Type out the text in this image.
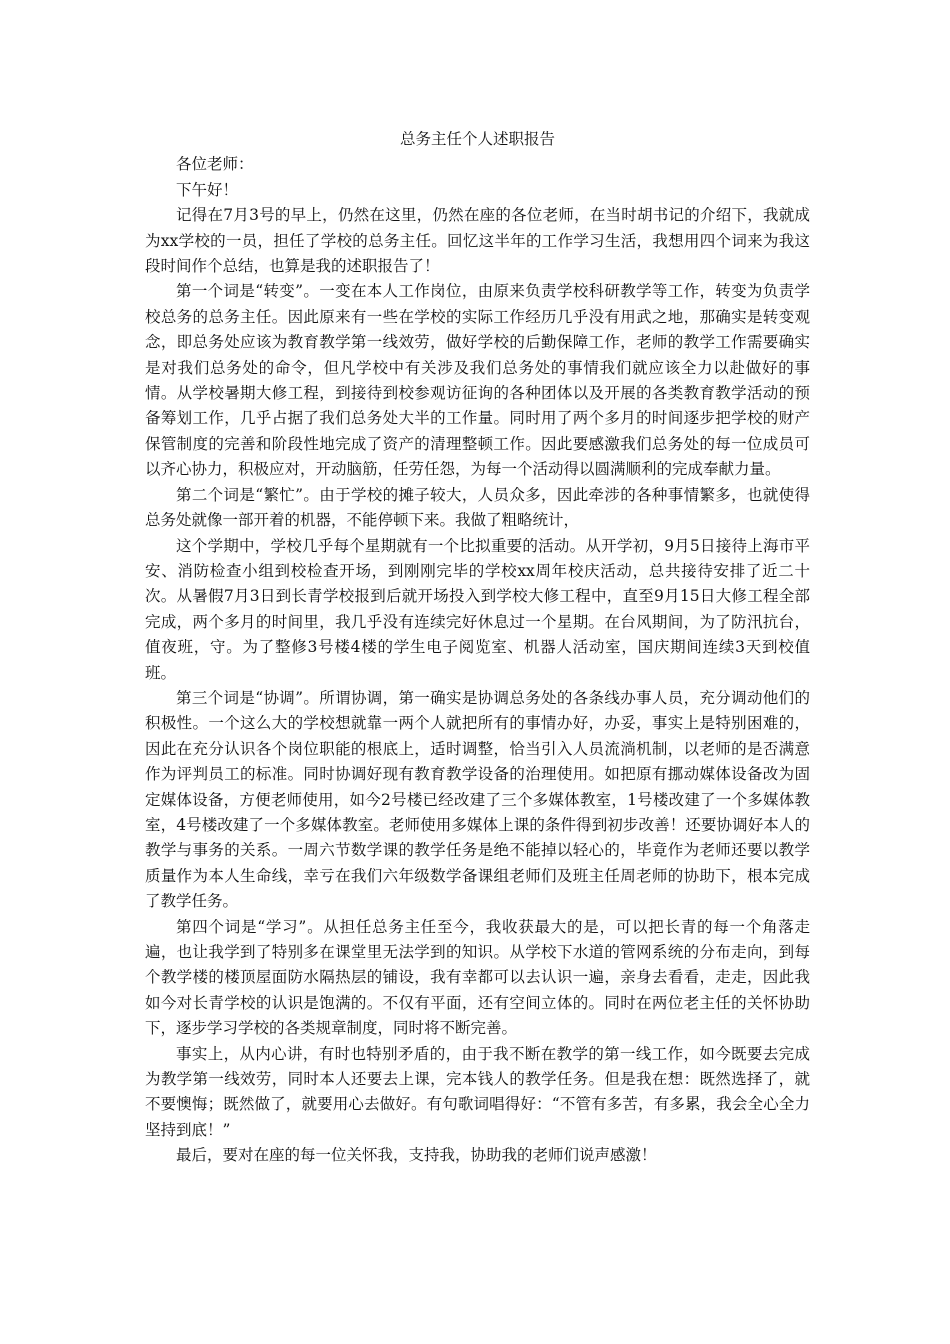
总务主任个人述职报告

各位老师：

下午好！

记得在7月3号的早上，仍然在这里，仍然在座的各位老师，在当时胡书记的介绍下，我就成为xx学校的一员，担任了学校的总务主任。回忆这半年的工作学习生活，我想用四个词来为我这段时间作个总结，也算是我的述职报告了！

第一个词是“转变”。一变在本人工作岗位，由原来负责学校科研教学等工作，转变为负责学校总务的总务主任。因此原来有一些在学校的实际工作经历几乎没有用武之地，那确实是转变观念，即总务处应该为教育教学第一线效劳，做好学校的后勤保障工作，老师的教学工作需要确实是对我们总务处的命令，但凡学校中有关涉及我们总务处的事情我们就应该全力以赴做好的事情。从学校暑期大修工程，到接待到校参观访征询的各种团体以及开展的各类教育教学活动的预备筹划工作，几乎占据了我们总务处大半的工作量。同时用了两个多月的时间逐步把学校的财产保管制度的完善和阶段性地完成了资产的清理整顿工作。因此要感激我们总务处的每一位成员可以齐心协力，积极应对，开动脑筋，任劳任怨，为每一个活动得以圆满顺利的完成奉献力量。

第二个词是“繁忙”。由于学校的摊子较大，人员众多，因此牵涉的各种事情繁多，也就使得总务处就像一部开着的机器，不能停顿下来。我做了粗略统计，

这个学期中，学校几乎每个星期就有一个比拟重要的活动。从开学初，9月5日接待上海市平安、消防检查小组到校检查开场，到刚刚完毕的学校xx周年校庆活动，总共接待安排了近二十次。从暑假7月3日到长青学校报到后就开场投入到学校大修工程中，直至9月15日大修工程全部完成，两个多月的时间里，我几乎没有连续完好休息过一个星期。在台风期间，为了防汛抗台，值夜班，守。为了整修3号楼4楼的学生电子阅览室、机器人活动室，国庆期间连续3天到校值班。

第三个词是“协调”。所谓协调，第一确实是协调总务处的各条线办事人员，充分调动他们的积极性。一个这么大的学校想就靠一两个人就把所有的事情办好，办妥，事实上是特别困难的，因此在充分认识各个岗位职能的根底上，适时调整，恰当引入人员流淌机制，以老师的是否满意作为评判员工的标准。同时协调好现有教育教学设备的治理使用。如把原有挪动媒体设备改为固定媒体设备，方便老师使用，如今2号楼已经改建了三个多媒体教室，1号楼改建了一个多媒体教室，4号楼改建了一个多媒体教室。老师使用多媒体上课的条件得到初步改善！还要协调好本人的教学与事务的关系。一周六节数学课的教学任务是绝不能掉以轻心的，毕竟作为老师还要以教学质量作为本人生命线，幸亏在我们六年级数学备课组老师们及班主任周老师的协助下，根本完成了教学任务。

第四个词是“学习”。从担任总务主任至今，我收获最大的是，可以把长青的每一个角落走遍，也让我学到了特别多在课堂里无法学到的知识。从学校下水道的管网系统的分布走向，到每个教学楼的楼顶屋面防水隔热层的铺设，我有幸都可以去认识一遍，亲身去看看，走走，因此我如今对长青学校的认识是饱满的。不仅有平面，还有空间立体的。同时在两位老主任的关怀协助下，逐步学习学校的各类规章制度，同时将不断完善。

事实上，从内心讲，有时也特别矛盾的，由于我不断在教学的第一线工作，如今既要去完成为教学第一线效劳，同时本人还要去上课，完本钱人的教学任务。但是我在想：既然选择了，就不要懊悔；既然做了，就要用心去做好。有句歌词唱得好：“不管有多苦，有多累，我会全心全力坚持到底！”

最后，要对在座的每一位关怀我，支持我，协助我的老师们说声感激！
